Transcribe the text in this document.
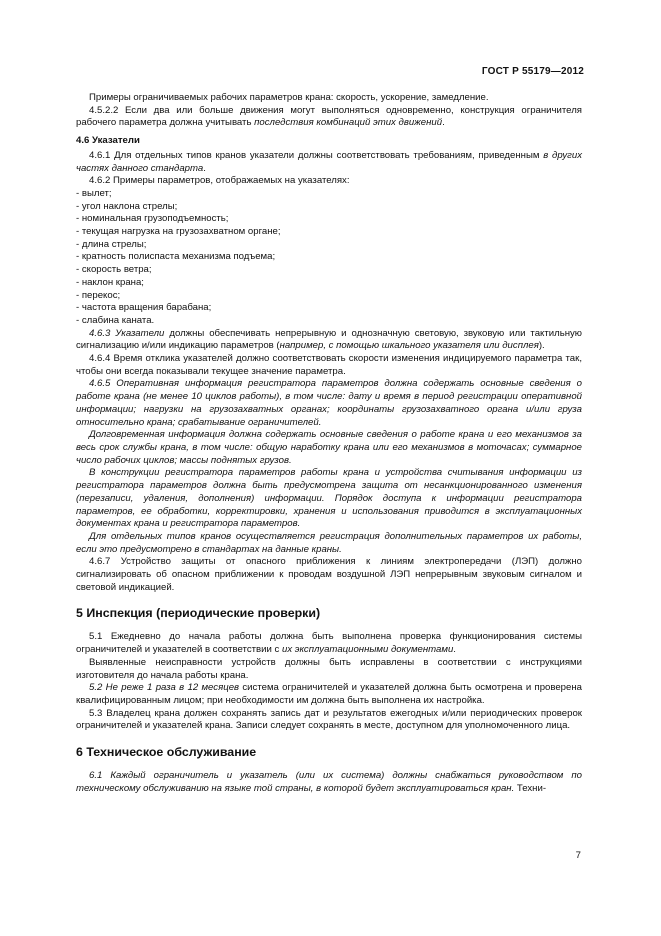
ГОСТ Р 55179—2012

Примеры ограничиваемых рабочих параметров крана: скорость, ускорение, замедление.

4.5.2.2 Если два или больше движения могут выполняться одновременно, конструкция ограничителя рабочего параметра должна учитывать последствия комбинаций этих движений.

4.6 Указатели

4.6.1 Для отдельных типов кранов указатели должны соответствовать требованиям, приведенным в других частях данного стандарта.

4.6.2 Примеры параметров, отображаемых на указателях:

- вылет;
- угол наклона стрелы;
- номинальная грузоподъемность;
- текущая нагрузка на грузозахватном органе;
- длина стрелы;
- кратность полиспаста механизма подъема;
- скорость ветра;
- наклон крана;
- перекос;
- частота вращения барабана;
- слабина каната.

4.6.3 Указатели должны обеспечивать непрерывную и однозначную световую, звуковую или тактильную сигнализацию и/или индикацию параметров (например, с помощью шкального указателя или дисплея).

4.6.4 Время отклика указателей должно соответствовать скорости изменения индицируемого параметра так, чтобы они всегда показывали текущее значение параметра.

4.6.5 Оперативная информация регистратора параметров должна содержать основные сведения о работе крана (не менее 10 циклов работы), в том числе: дату и время в период регистрации оперативной информации; нагрузки на грузозахватных органах; координаты грузозахватного органа и/или груза относительно крана; срабатывание ограничителей.

Долговременная информация должна содержать основные сведения о работе крана и его механизмов за весь срок службы крана, в том числе: общую наработку крана или его механизмов в моточасах; суммарное число рабочих циклов; массы поднятых грузов.

В конструкции регистратора параметров работы крана и устройства считывания информации из регистратора параметров должна быть предусмотрена защита от несанкционированного изменения (перезаписи, удаления, дополнения) информации. Порядок доступа к информации регистратора параметров, ее обработки, корректировки, хранения и использования приводится в эксплуатационных документах крана и регистратора параметров.

Для отдельных типов кранов осуществляется регистрация дополнительных параметров их работы, если это предусмотрено в стандартах на данные краны.

4.6.7 Устройство защиты от опасного приближения к линиям электропередачи (ЛЭП) должно сигнализировать об опасном приближении к проводам воздушной ЛЭП непрерывным звуковым сигналом и световой индикацией.

5 Инспекция (периодические проверки)

5.1 Ежедневно до начала работы должна быть выполнена проверка функционирования системы ограничителей и указателей в соответствии с их эксплуатационными документами.

Выявленные неисправности устройств должны быть исправлены в соответствии с инструкциями изготовителя до начала работы крана.

5.2 Не реже 1 раза в 12 месяцев система ограничителей и указателей должна быть осмотрена и проверена квалифицированным лицом; при необходимости им должна быть выполнена их настройка.

5.3 Владелец крана должен сохранять запись дат и результатов ежегодных и/или периодических проверок ограничителей и указателей крана. Записи следует сохранять в месте, доступном для уполномоченного лица.

6 Техническое обслуживание

6.1 Каждый ограничитель и указатель (или их система) должны снабжаться руководством по техническому обслуживанию на языке той страны, в которой будет эксплуатироваться кран. Техни-

7
